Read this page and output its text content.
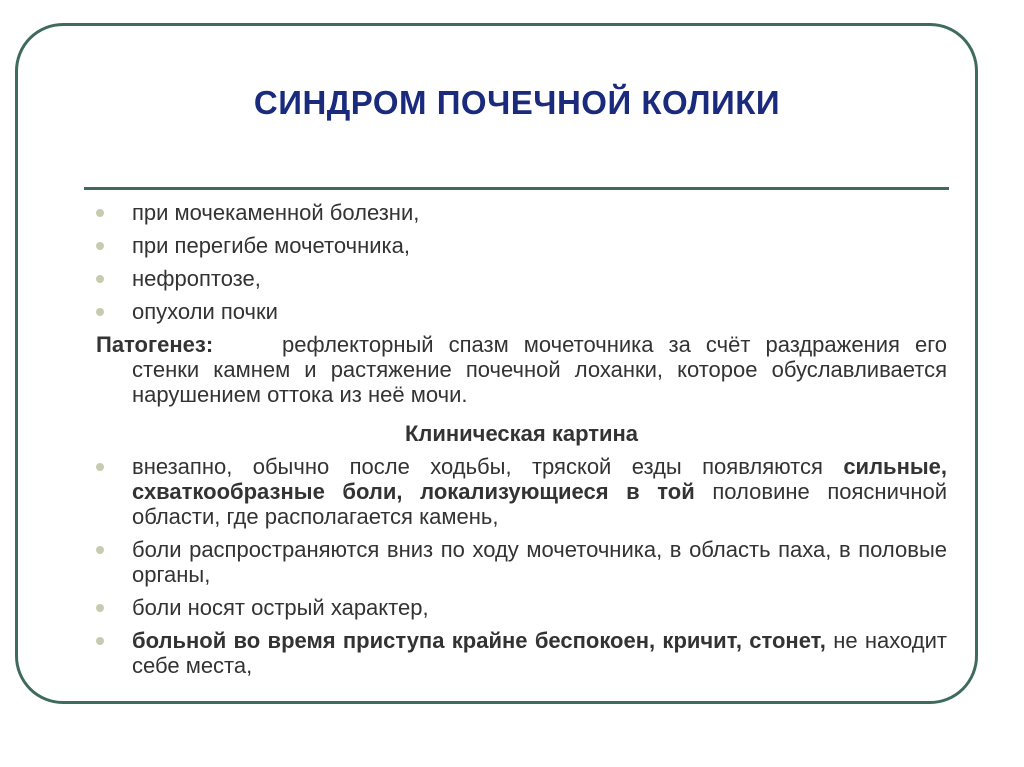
СИНДРОМ ПОЧЕЧНОЙ КОЛИКИ
при мочекаменной болезни,
при перегибе мочеточника,
нефроптозе,
опухоли почки
Патогенез:	рефлекторный спазм мочеточника за счёт раздражения его стенки камнем и растяжение почечной лоханки, которое обуславливается нарушением оттока из неё мочи.
Клиническая картина
внезапно, обычно после ходьбы, тряской езды появляются сильные, схваткообразные боли, локализующиеся в той половине поясничной области, где располагается камень,
боли распространяются вниз по ходу мочеточника, в область паха, в половые органы,
боли носят острый характер,
больной во время приступа крайне беспокоен, кричит, стонет, не находит себе места,
